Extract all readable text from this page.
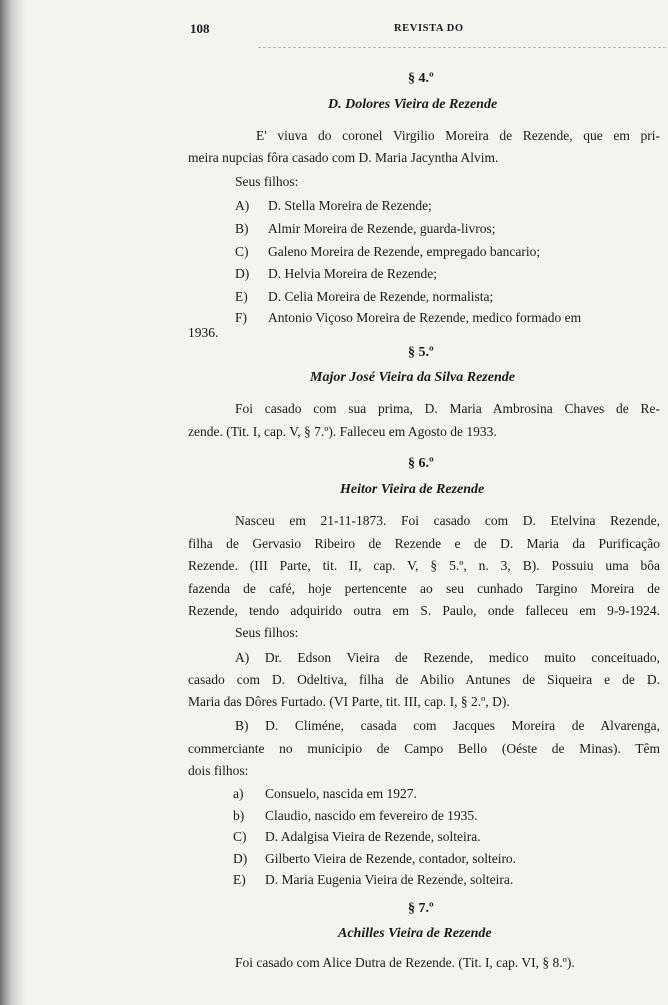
108	REVISTA DO
§ 4.º
D. Dolores Vieira de Rezende
E' viuva do coronel Virgilio Moreira de Rezende, que em pri-
meira nupcias fôra casado com D. Maria Jacyntha Alvim.
Seus filhos:
A) D. Stella Moreira de Rezende;
B) Almir Moreira de Rezende, guarda-livros;
C) Galeno Moreira de Rezende, empregado bancario;
D) D. Helvia Moreira de Rezende;
E) D. Celia Moreira de Rezende, normalista;
F) Antonio Viçoso Moreira de Rezende, medico formado em
1936.
§ 5.º
Major José Vieira da Silva Rezende
Foi casado com sua prima, D. Maria Ambrosina Chaves de Re-
zende. (Tit. I, cap. V, § 7.º). Falleceu em Agosto de 1933.
§ 6.º
Heitor Vieira de Rezende
Nasceu em 21-11-1873. Foi casado com D. Etelvina Rezende,
filha de Gervasio Ribeiro de Rezende e de D. Maria da Purificação
Rezende. (III Parte, tit. II, cap. V, § 5.º, n. 3, B). Possuiu uma bôa
fazenda de café, hoje pertencente ao seu cunhado Targino Moreira de
Rezende, tendo adquirido outra em S. Paulo, onde falleceu em 9-9-1924.
Seus filhos:
A) Dr. Edson Vieira de Rezende, medico muito conceituado,
casado com D. Odeltiva, filha de Abilio Antunes de Siqueira e de D.
Maria das Dôres Furtado. (VI Parte, tit. III, cap. I, § 2.º, D).
B) D. Climéne, casada com Jacques Moreira de Alvarenga,
commerciante no municipio de Campo Bello (Oéste de Minas). Têm
dois filhos:
a) Consuelo, nascida em 1927.
b) Claudio, nascido em fevereiro de 1935.
C) D. Adalgisa Vieira de Rezende, solteira.
D) Gilberto Vieira de Rezende, contador, solteiro.
E) D. Maria Eugenia Vieira de Rezende, solteira.
§ 7.º
Achilles Vieira de Rezende
Foi casado com Alice Dutra de Rezende. (Tit. I, cap. VI, § 8.º).
